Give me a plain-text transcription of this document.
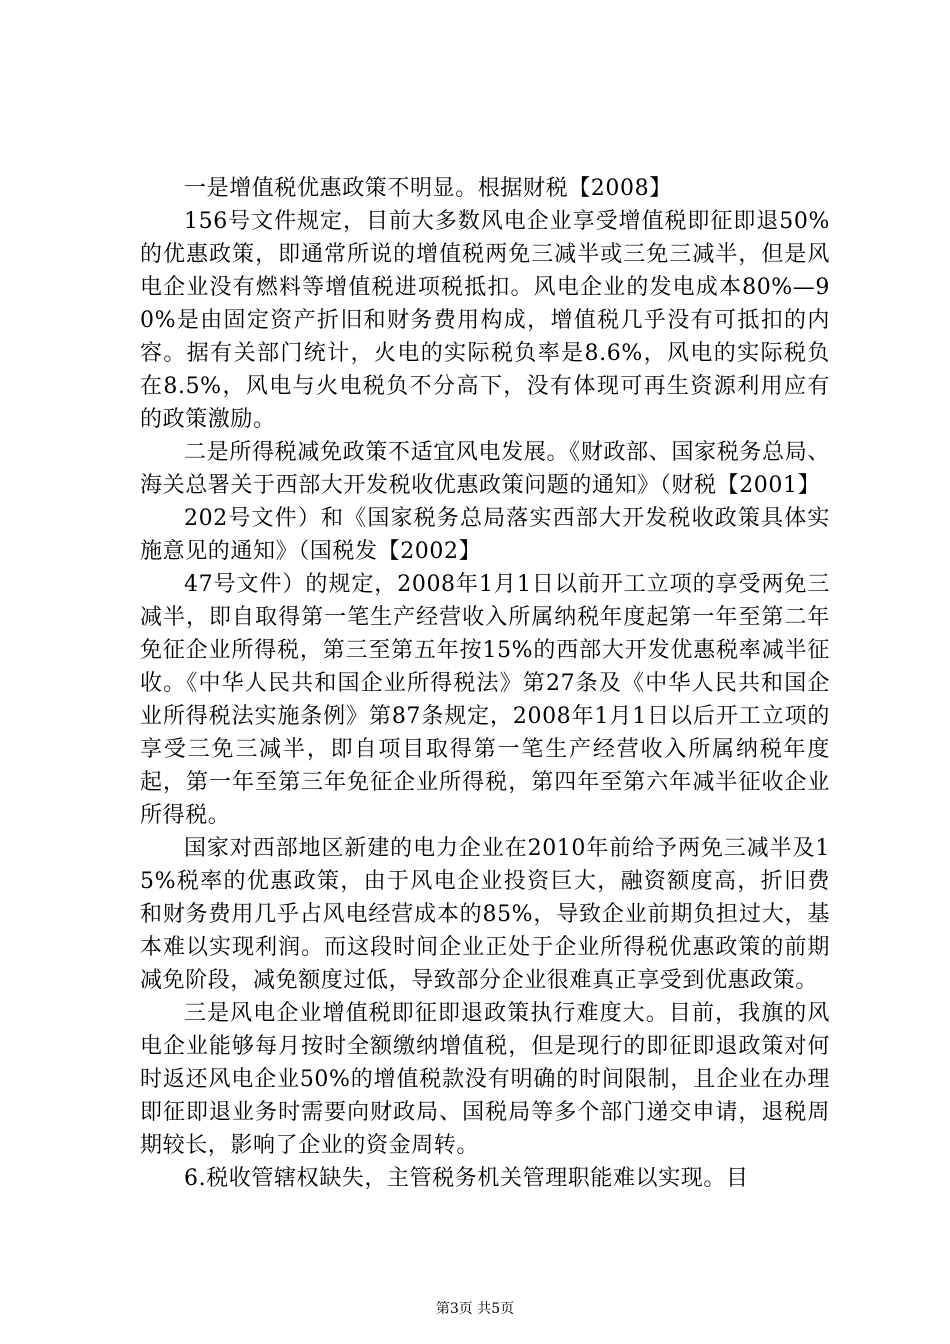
一是增值税优惠政策不明显。根据财税【2008】

156号文件规定，目前大多数风电企业享受增值税即征即退50%的优惠政策，即通常所说的增值税两免三减半或三免三减半，但是风电企业没有燃料等增值税进项税抵扣。风电企业的发电成本80%—90%是由固定资产折旧和财务费用构成，增值税几乎没有可抵扣的内容。据有关部门统计，火电的实际税负率是8.6%，风电的实际税负在8.5%，风电与火电税负不分高下，没有体现可再生资源利用应有的政策激励。

二是所得税减免政策不适宜风电发展。《财政部、国家税务总局、海关总署关于西部大开发税收优惠政策问题的通知》（财税【2001】

202号文件）和《国家税务总局落实西部大开发税收政策具体实施意见的通知》（国税发【2002】

47号文件）的规定，2008年1月1日以前开工立项的享受两免三减半，即自取得第一笔生产经营收入所属纳税年度起第一年至第二年免征企业所得税，第三至第五年按15%的西部大开发优惠税率减半征收。《中华人民共和国企业所得税法》第27条及《中华人民共和国企业所得税法实施条例》第87条规定，2008年1月1日以后开工立项的享受三免三减半，即自项目取得第一笔生产经营收入所属纳税年度起，第一年至第三年免征企业所得税，第四年至第六年减半征收企业所得税。

国家对西部地区新建的电力企业在2010年前给予两免三减半及15%税率的优惠政策，由于风电企业投资巨大，融资额度高，折旧费和财务费用几乎占风电经营成本的85%，导致企业前期负担过大，基本难以实现利润。而这段时间企业正处于企业所得税优惠政策的前期减免阶段，减免额度过低，导致部分企业很难真正享受到优惠政策。

三是风电企业增值税即征即退政策执行难度大。目前，我旗的风电企业能够每月按时全额缴纳增值税，但是现行的即征即退政策对何时返还风电企业50%的增值税款没有明确的时间限制，且企业在办理即征即退业务时需要向财政局、国税局等多个部门递交申请，退税周期较长，影响了企业的资金周转。

6.税收管辖权缺失，主管税务机关管理职能难以实现。目

第3页 共5页
